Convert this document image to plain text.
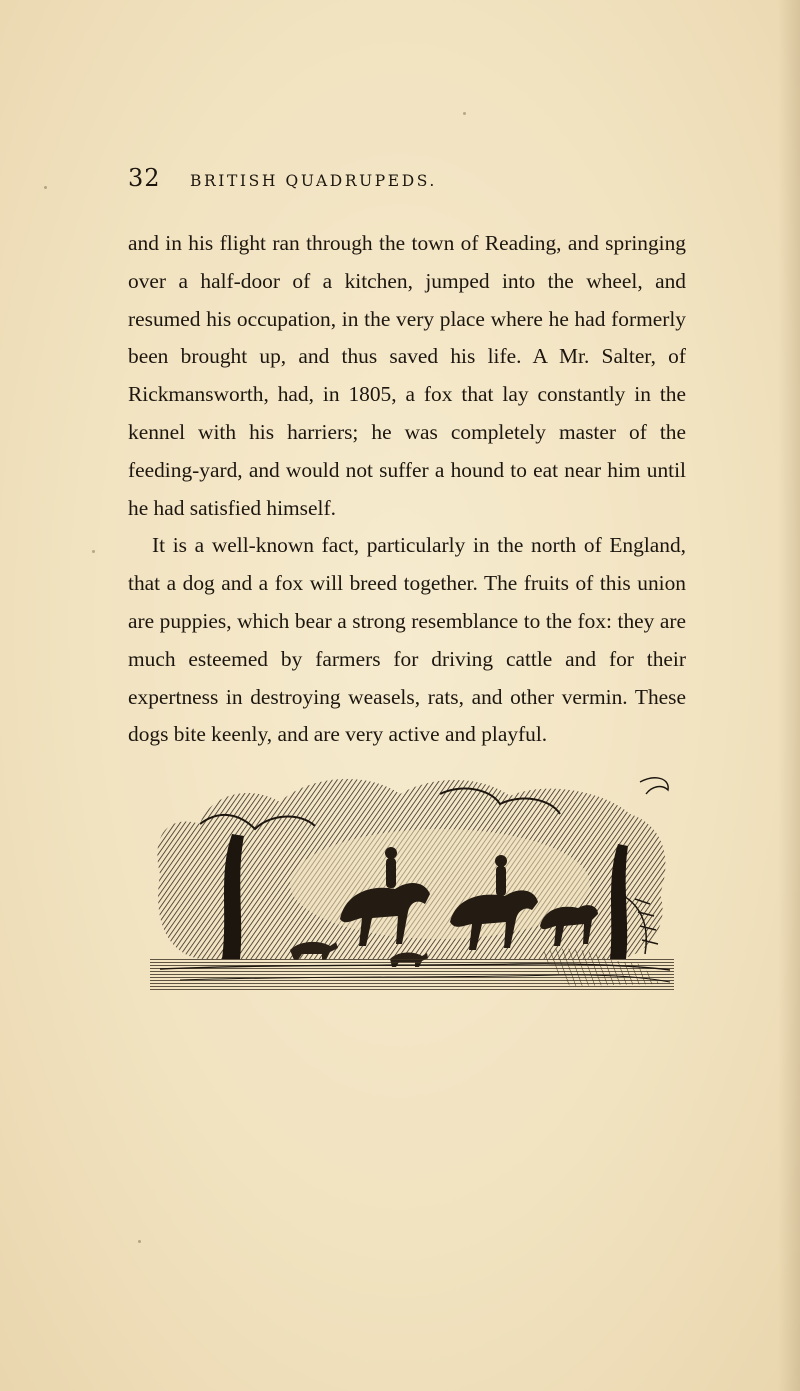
32 BRITISH QUADRUPEDS.

and in his flight ran through the town of Reading, and springing over a half-door of a kitchen, jumped into the wheel, and resumed his occupation, in the very place where he had formerly been brought up, and thus saved his life. A Mr. Salter, of Rickmansworth, had, in 1805, a fox that lay constantly in the kennel with his harriers; he was completely master of the feeding-yard, and would not suffer a hound to eat near him until he had satisfied himself.

It is a well-known fact, particularly in the north of England, that a dog and a fox will breed together. The fruits of this union are puppies, which bear a strong resemblance to the fox: they are much esteemed by farmers for driving cattle and for their expertness in destroying weasels, rats, and other vermin. These dogs bite keenly, and are very active and playful.
